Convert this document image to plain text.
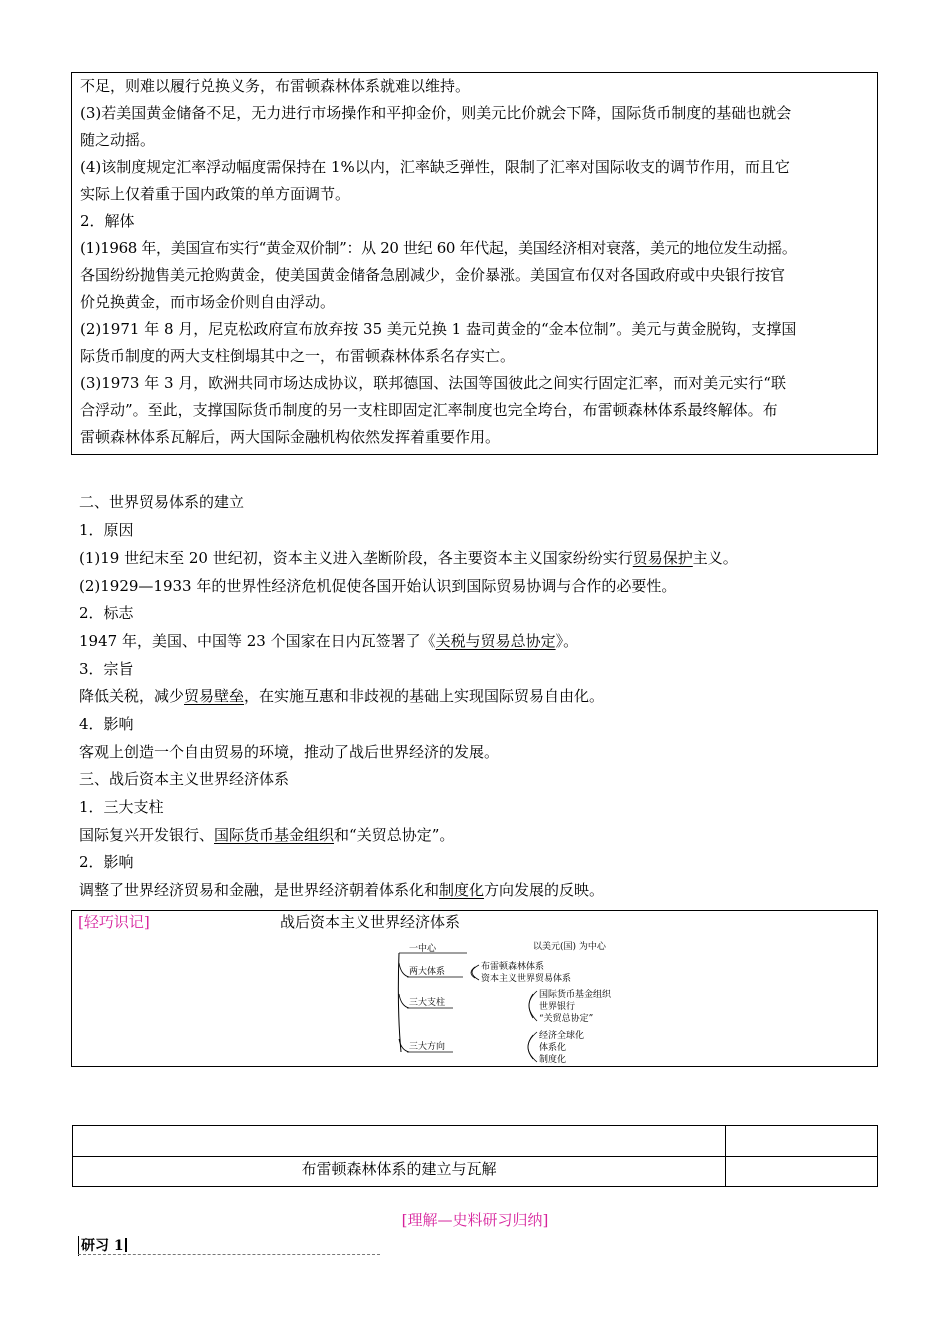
不足，则难以履行兑换义务，布雷顿森林体系就难以维持。
(3)若美国黄金储备不足，无力进行市场操作和平抑金价，则美元比价就会下降，国际货币制度的基础也就会
随之动摇。
(4)该制度规定汇率浮动幅度需保持在 1%以内，汇率缺乏弹性，限制了汇率对国际收支的调节作用，而且它
实际上仅着重于国内政策的单方面调节。
2．解体
(1)1968 年，美国宣布实行“黄金双价制”：从 20 世纪 60 年代起，美国经济相对衰落，美元的地位发生动摇。
各国纷纷抛售美元抢购黄金，使美国黄金储备急剧减少，金价暴涨。美国宣布仅对各国政府或中央银行按官
价兑换黄金，而市场金价则自由浮动。
(2)1971 年 8 月，尼克松政府宣布放弃按 35 美元兑换 1 盎司黄金的“金本位制”。美元与黄金脱钩，支撑国
际货币制度的两大支柱倒塌其中之一，布雷顿森林体系名存实亡。
(3)1973 年 3 月，欧洲共同市场达成协议，联邦德国、法国等国彼此之间实行固定汇率，而对美元实行“联
合浮动”。至此，支撑国际货币制度的另一支柱即固定汇率制度也完全垮台，布雷顿森林体系最终解体。布
雷顿森林体系瓦解后，两大国际金融机构依然发挥着重要作用。
二、世界贸易体系的建立
1．原因
(1)19 世纪末至 20 世纪初，资本主义进入垄断阶段，各主要资本主义国家纷纷实行贸易保护主义。
(2)1929—1933 年的世界性经济危机促使各国开始认识到国际贸易协调与合作的必要性。
2．标志
1947 年，美国、中国等 23 个国家在日内瓦签署了《关税与贸易总协定》。
3．宗旨
降低关税，减少贸易壁垒，在实施互惠和非歧视的基础上实现国际贸易自由化。
4．影响
客观上创造一个自由贸易的环境，推动了战后世界经济的发展。
三、战后资本主义世界经济体系
1．三大支柱
国际复兴开发银行、国际货币基金组织和“关贸总协定”。
2．影响
调整了世界经济贸易和金融，是世界经济朝着体系化和制度化方向发展的反映。
[轻巧识记]	战后资本主义世界经济体系
一中心	以美元(国) 为中心
两大体系	布雷顿森林体系
资本主义世界贸易体系
三大支柱
国际货币基金组织
世界银行
“关贸总协定”
三大方向
经济全球化
体系化
制度化
布雷顿森林体系的建立与瓦解
[理解—史料研习归纳]
研习 1
